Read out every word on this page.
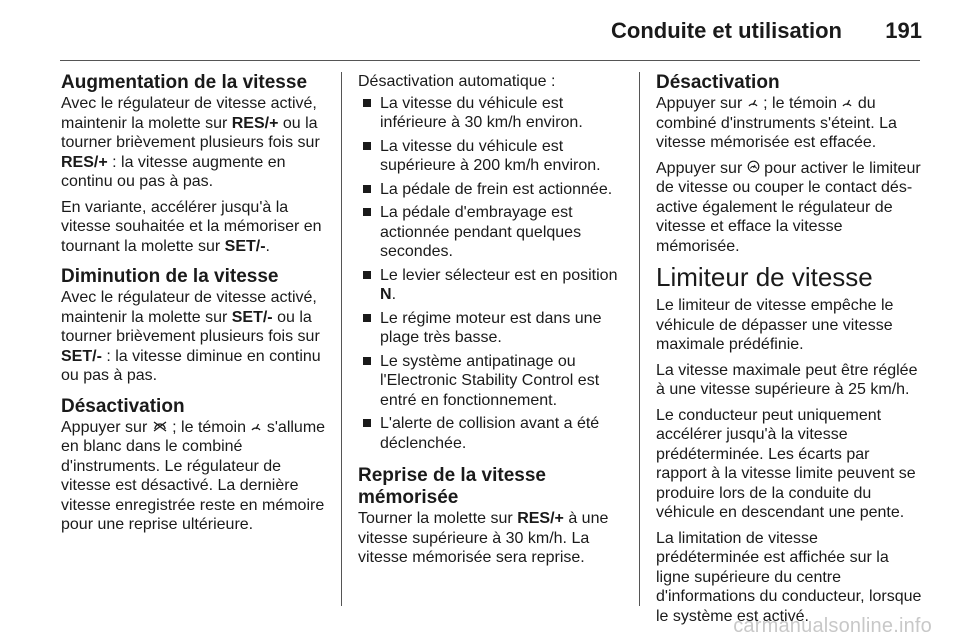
Conduite et utilisation 191
Augmentation de la vitesse

Avec le régulateur de vitesse activé, maintenir la molette sur RES/+ ou la tourner brièvement plusieurs fois sur RES/+ : la vitesse augmente en continu ou pas à pas.

En variante, accélérer jusqu'à la vitesse souhaitée et la mémoriser en tournant la molette sur SET/-.

Diminution de la vitesse

Avec le régulateur de vitesse activé, maintenir la molette sur SET/- ou la tourner brièvement plusieurs fois sur SET/- : la vitesse diminue en continu ou pas à pas.

Désactivation

Appuyer sur  ; le témoin  s'allume en blanc dans le combiné d'instruments. Le régulateur de vitesse est désactivé. La dernière vitesse enregistrée reste en mémoire pour une reprise ultérieure.

Désactivation automatique :

La vitesse du véhicule est inférieure à 30 km/h environ.
La vitesse du véhicule est supérieure à 200 km/h environ.
La pédale de frein est actionnée.
La pédale d'embrayage est actionnée pendant quelques secondes.
Le levier sélecteur est en position N.
Le régime moteur est dans une plage très basse.
Le système antipatinage ou l'Electronic Stability Control est entré en fonctionnement.
L'alerte de collision avant a été déclenchée.
Reprise de la vitesse mémorisée

Tourner la molette sur RES/+ à une vitesse supérieure à 30 km/h. La vitesse mémorisée sera reprise.

Désactivation

Appuyer sur  ; le témoin  du combiné d'instruments s'éteint. La vitesse mémorisée est effacée.

Appuyer sur  pour activer le limiteur de vitesse ou couper le contact dés-active également le régulateur de vitesse et efface la vitesse mémorisée.

Limiteur de vitesse

Le limiteur de vitesse empêche le véhicule de dépasser une vitesse maximale prédéfinie.

La vitesse maximale peut être réglée à une vitesse supérieure à 25 km/h.

Le conducteur peut uniquement accélérer jusqu'à la vitesse prédéterminée. Les écarts par rapport à la vitesse limite peuvent se produire lors de la conduite du véhicule en descendant une pente.

La limitation de vitesse prédéterminée est affichée sur la ligne supérieure du centre d'informations du conducteur, lorsque le système est activé.

carmanualsonline.info
